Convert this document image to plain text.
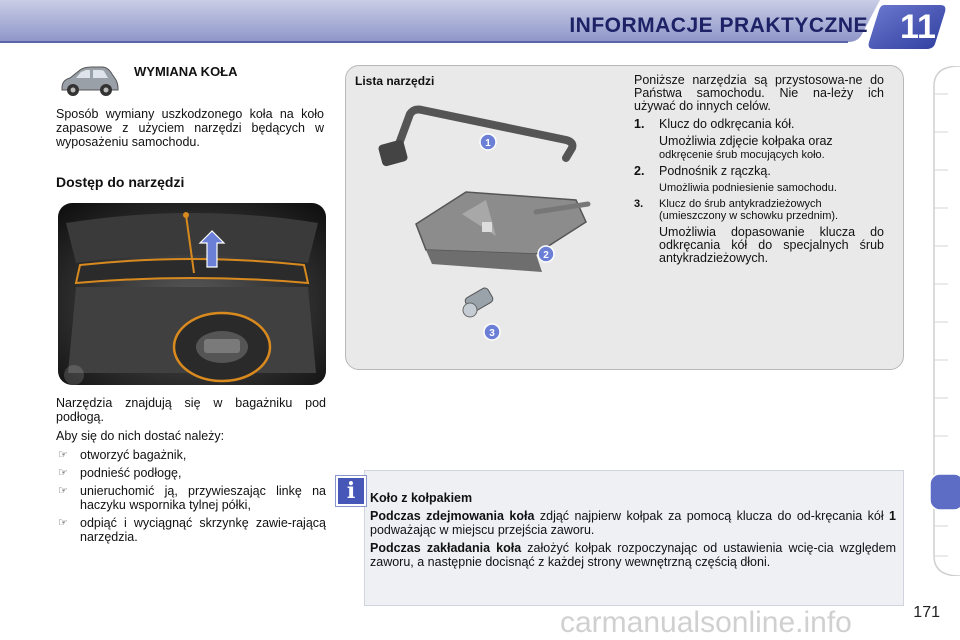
INFORMACJE PRAKTYCZNE 11
WYMIANA KOŁA
Sposób wymiany uszkodzonego koła na koło zapasowe z użyciem narzędzi będących w wyposażeniu samochodu.
Dostęp do narzędzi

Narzędzia znajdują się w bagażniku pod podłogą.

Aby się do nich dostać należy:

☞ otworzyć bagażnik,
☞ podnieść podłogę,
☞ unieruchomić ją, przywieszając linkę na haczyku wspornika tylnej półki,
☞ odpiąć i wyciągnąć skrzynkę zawie-rającą narzędzia.
Lista narzędzi
1
2
3

Poniższe narzędzia są przystosowa-ne do Państwa samochodu. Nie na-leży ich używać do innych celów.

1. Klucz do odkręcania kół.
Umożliwia zdjęcie kołpaka oraz
odkręcenie śrub mocujących koło.
2. Podnośnik z rączką.
Umożliwia podniesienie samochodu.
3. Klucz do śrub antykradzieżowych
(umieszczony w schowku przednim).
Umożliwia dopasowanie klucza do odkręcania kół do specjalnych śrub antykradzieżowych.
i	Koło z kołpakiem

Podczas zdejmowania koła zdjąć najpierw kołpak za pomocą klucza do od-kręcania kół 1 podważając w miejscu przejścia zaworu.

Podczas zakładania koła założyć kołpak rozpoczynając od ustawienia wcię-cia względem zaworu, a następnie docisnąć z każdej strony wewnętrzną częścią dłoni.

carmanualsonline.info	171
